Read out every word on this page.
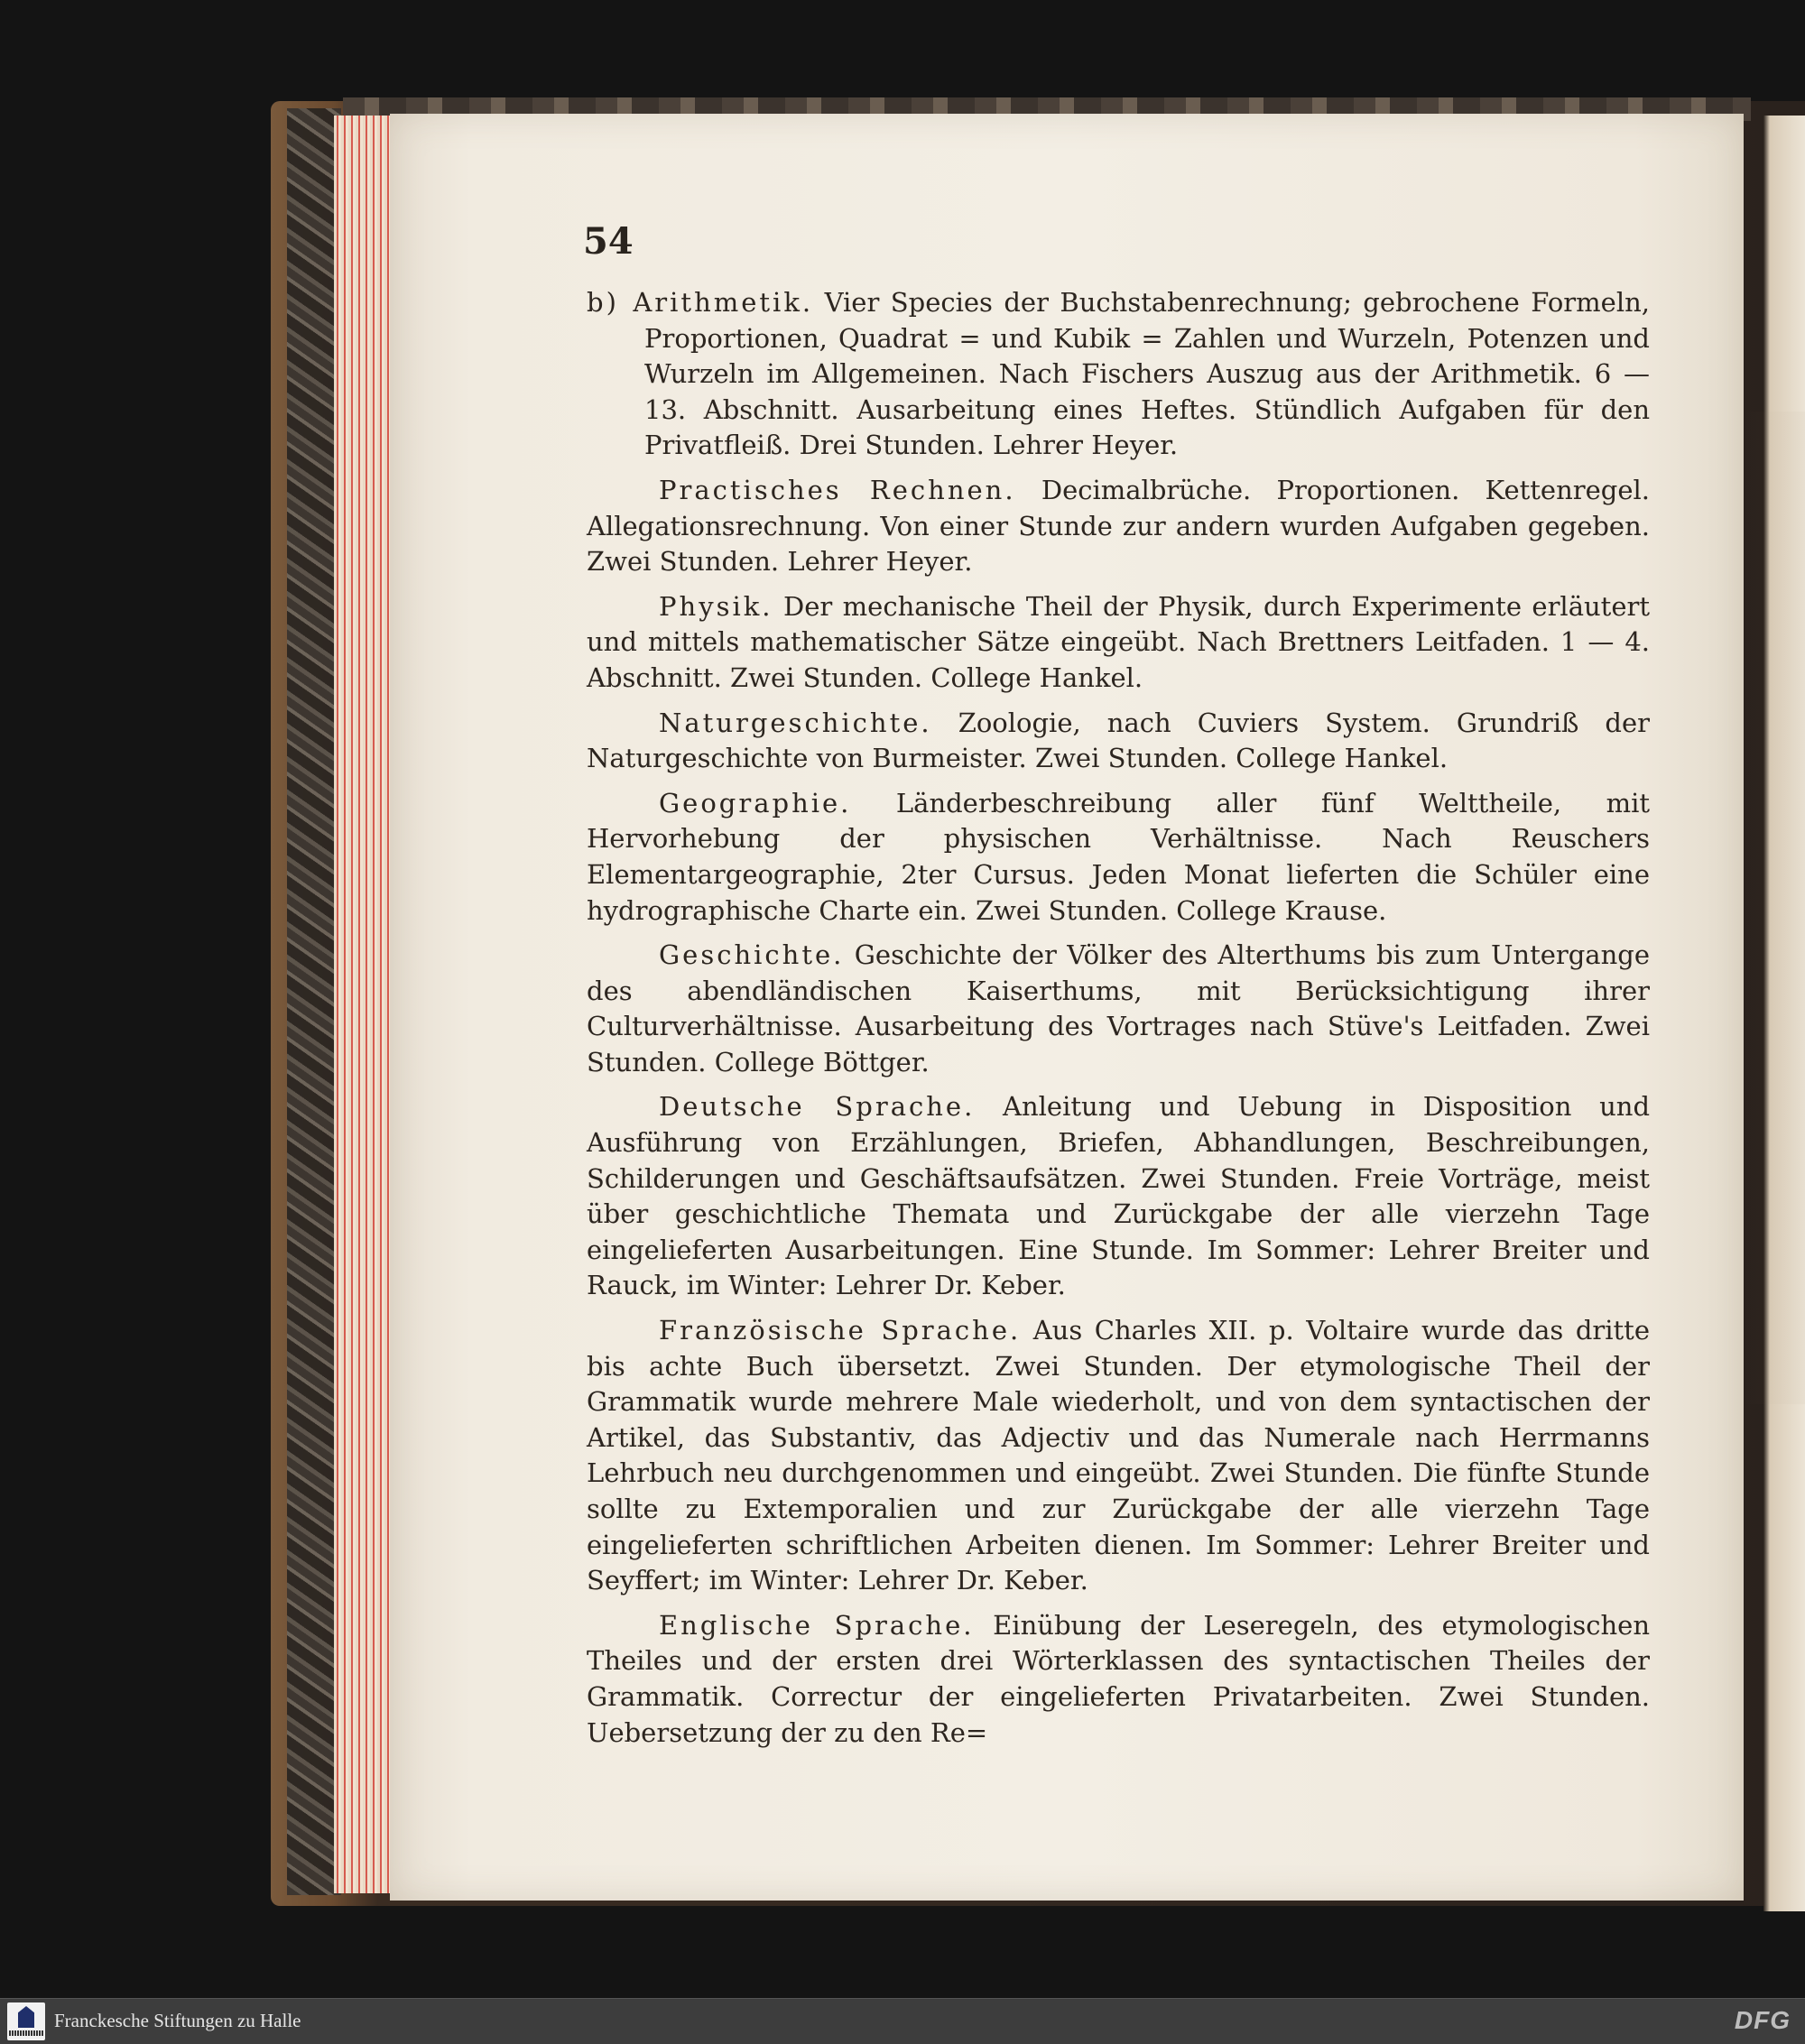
54

b) Arithmetik. Vier Species der Buchstabenrechnung; gebrochene Formeln, Proportionen, Quadrat = und Kubik = Zahlen und Wurzeln, Potenzen und Wurzeln im Allgemeinen. Nach Fischers Auszug aus der Arithmetik. 6 — 13. Abschnitt. Ausarbeitung eines Heftes. Stündlich Aufgaben für den Privatfleiß. Drei Stunden. Lehrer Heyer.

Practisches Rechnen. Decimalbrüche. Proportionen. Kettenregel. Allegationsrechnung. Von einer Stunde zur andern wurden Aufgaben gegeben. Zwei Stunden. Lehrer Heyer.

Physik. Der mechanische Theil der Physik, durch Experimente erläutert und mittels mathematischer Sätze eingeübt. Nach Brettners Leitfaden. 1 — 4. Abschnitt. Zwei Stunden. College Hankel.

Naturgeschichte. Zoologie, nach Cuviers System. Grundriß der Naturgeschichte von Burmeister. Zwei Stunden. College Hankel.

Geographie. Länderbeschreibung aller fünf Welttheile, mit Hervorhebung der physischen Verhältnisse. Nach Reuschers Elementargeographie, 2ter Cursus. Jeden Monat lieferten die Schüler eine hydrographische Charte ein. Zwei Stunden. College Krause.

Geschichte. Geschichte der Völker des Alterthums bis zum Untergange des abendländischen Kaiserthums, mit Berücksichtigung ihrer Culturverhältnisse. Ausarbeitung des Vortrages nach Stüve's Leitfaden. Zwei Stunden. College Böttger.

Deutsche Sprache. Anleitung und Uebung in Disposition und Ausführung von Erzählungen, Briefen, Abhandlungen, Beschreibungen, Schilderungen und Geschäftsaufsätzen. Zwei Stunden. Freie Vorträge, meist über geschichtliche Themata und Zurückgabe der alle vierzehn Tage eingelieferten Ausarbeitungen. Eine Stunde. Im Sommer: Lehrer Breiter und Rauck, im Winter: Lehrer Dr. Keber.

Französische Sprache. Aus Charles XII. p. Voltaire wurde das dritte bis achte Buch übersetzt. Zwei Stunden. Der etymologische Theil der Grammatik wurde mehrere Male wiederholt, und von dem syntactischen der Artikel, das Substantiv, das Adjectiv und das Numerale nach Herrmanns Lehrbuch neu durchgenommen und eingeübt. Zwei Stunden. Die fünfte Stunde sollte zu Extemporalien und zur Zurückgabe der alle vierzehn Tage eingelieferten schriftlichen Arbeiten dienen. Im Sommer: Lehrer Breiter und Seyffert; im Winter: Lehrer Dr. Keber.

Englische Sprache. Einübung der Leseregeln, des etymologischen Theiles und der ersten drei Wörterklassen des syntactischen Theiles der Grammatik. Correctur der eingelieferten Privatarbeiten. Zwei Stunden. Uebersetzung der zu den Re=

Franckesche Stiftungen zu Halle	DFG
